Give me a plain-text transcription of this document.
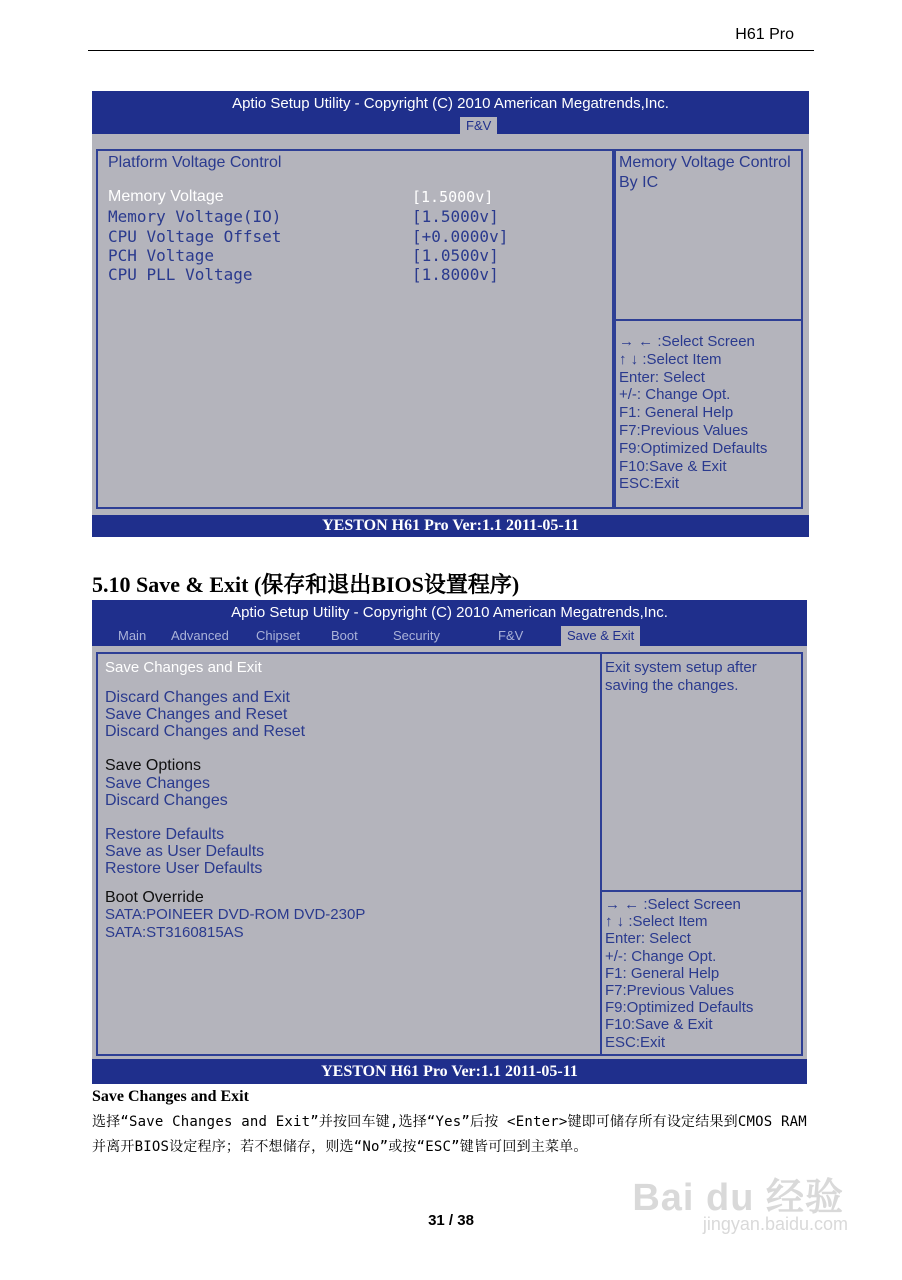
H61 Pro
Aptio Setup Utility - Copyright (C) 2010 American Megatrends,Inc.
F&V
Platform Voltage Control
Memory Voltage	[1.5000v]
Memory Voltage(IO)	[1.5000v]
CPU Voltage Offset	[+0.0000v]
PCH Voltage	[1.0500v]
CPU PLL Voltage	[1.8000v]
Memory Voltage Control
By IC
→ ← :Select Screen
↑ ↓ :Select Item
Enter: Select
+/-: Change Opt.
F1: General Help
F7:Previous Values
F9:Optimized Defaults
F10:Save & Exit
ESC:Exit
YESTON H61 Pro Ver:1.1 2011-05-11
5.10 Save & Exit (保存和退出BIOS设置程序)
Aptio Setup Utility - Copyright (C) 2010 American Megatrends,Inc.
Main Advanced Chipset Boot	Security	F&V	Save & Exit
Save Changes and Exit
Discard Changes and Exit
Save Changes and Reset
Discard Changes and Reset
Save Options
Save Changes
Discard Changes
Restore Defaults
Save as User Defaults
Restore User Defaults
Boot Override
SATA:POINEER DVD-ROM DVD-230P
SATA:ST3160815AS
Exit system setup after
saving the changes.
→ ← :Select Screen
↑ ↓ :Select Item
Enter: Select
+/-: Change Opt.
F1: General Help
F7:Previous Values
F9:Optimized Defaults
F10:Save & Exit
ESC:Exit
YESTON H61 Pro Ver:1.1 2011-05-11
Save Changes and Exit
选择“Save Changes and Exit”并按回车键,选择“Yes”后按 <Enter>键即可储存所有设定结果到CMOS RAM并离开BIOS设定程序；若不想储存，则选“No”或按“ESC”键皆可回到主菜单。
31 / 38
Bai du 经验
jingyan.baidu.com
